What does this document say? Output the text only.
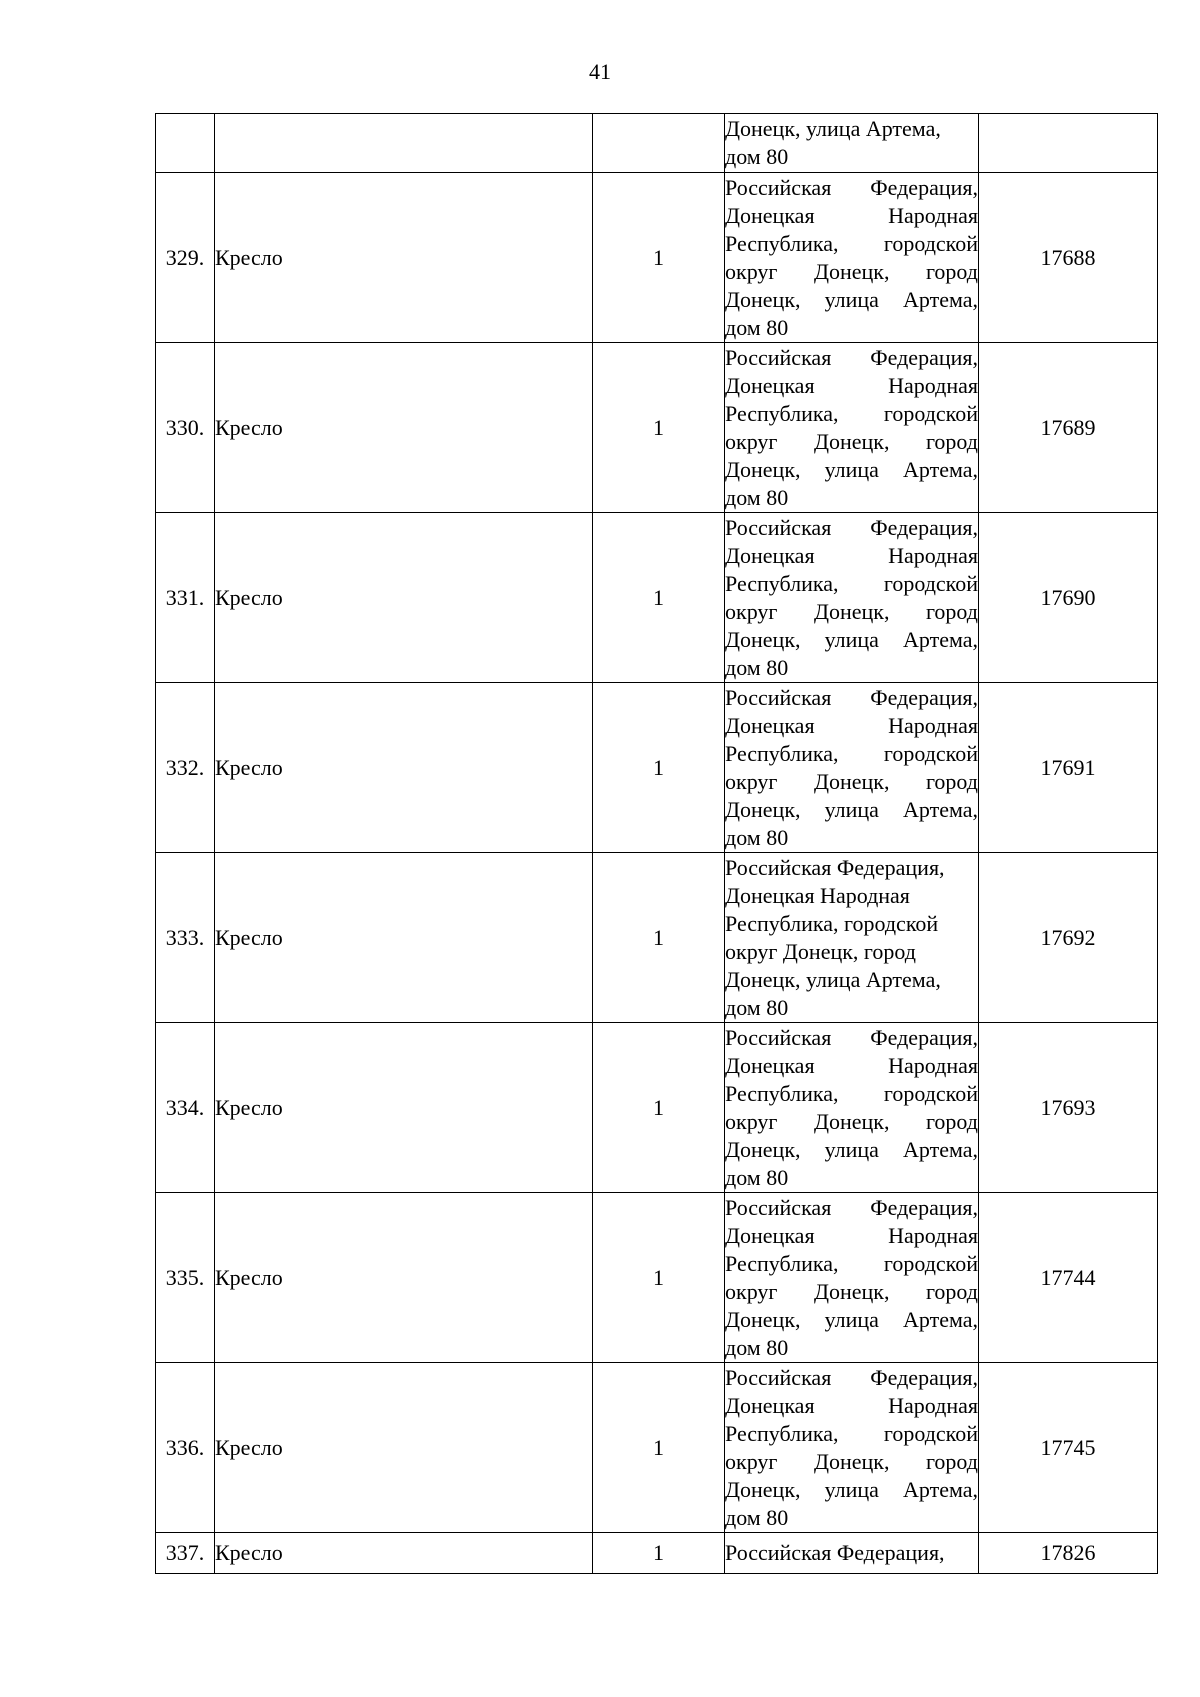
41
			Донецк, улица Артема, дом 80	
329.	Кресло	1	Российская Федерация, Донецкая Народная Республика, городской округ Донецк, город Донецк, улица Артема, дом 80	17688
330.	Кресло	1	Российская Федерация, Донецкая Народная Республика, городской округ Донецк, город Донецк, улица Артема, дом 80	17689
331.	Кресло	1	Российская Федерация, Донецкая Народная Республика, городской округ Донецк, город Донецк, улица Артема, дом 80	17690
332.	Кресло	1	Российская Федерация, Донецкая Народная Республика, городской округ Донецк, город Донецк, улица Артема, дом 80	17691
333.	Кресло	1	Российская Федерация, Донецкая Народная Республика, городской округ Донецк, город Донецк, улица Артема, дом 80	17692
334.	Кресло	1	Российская Федерация, Донецкая Народная Республика, городской округ Донецк, город Донецк, улица Артема, дом 80	17693
335.	Кресло	1	Российская Федерация, Донецкая Народная Республика, городской округ Донецк, город Донецк, улица Артема, дом 80	17744
336.	Кресло	1	Российская Федерация, Донецкая Народная Республика, городской округ Донецк, город Донецк, улица Артема, дом 80	17745
337.	Кресло	1	Российская Федерация,	17826
